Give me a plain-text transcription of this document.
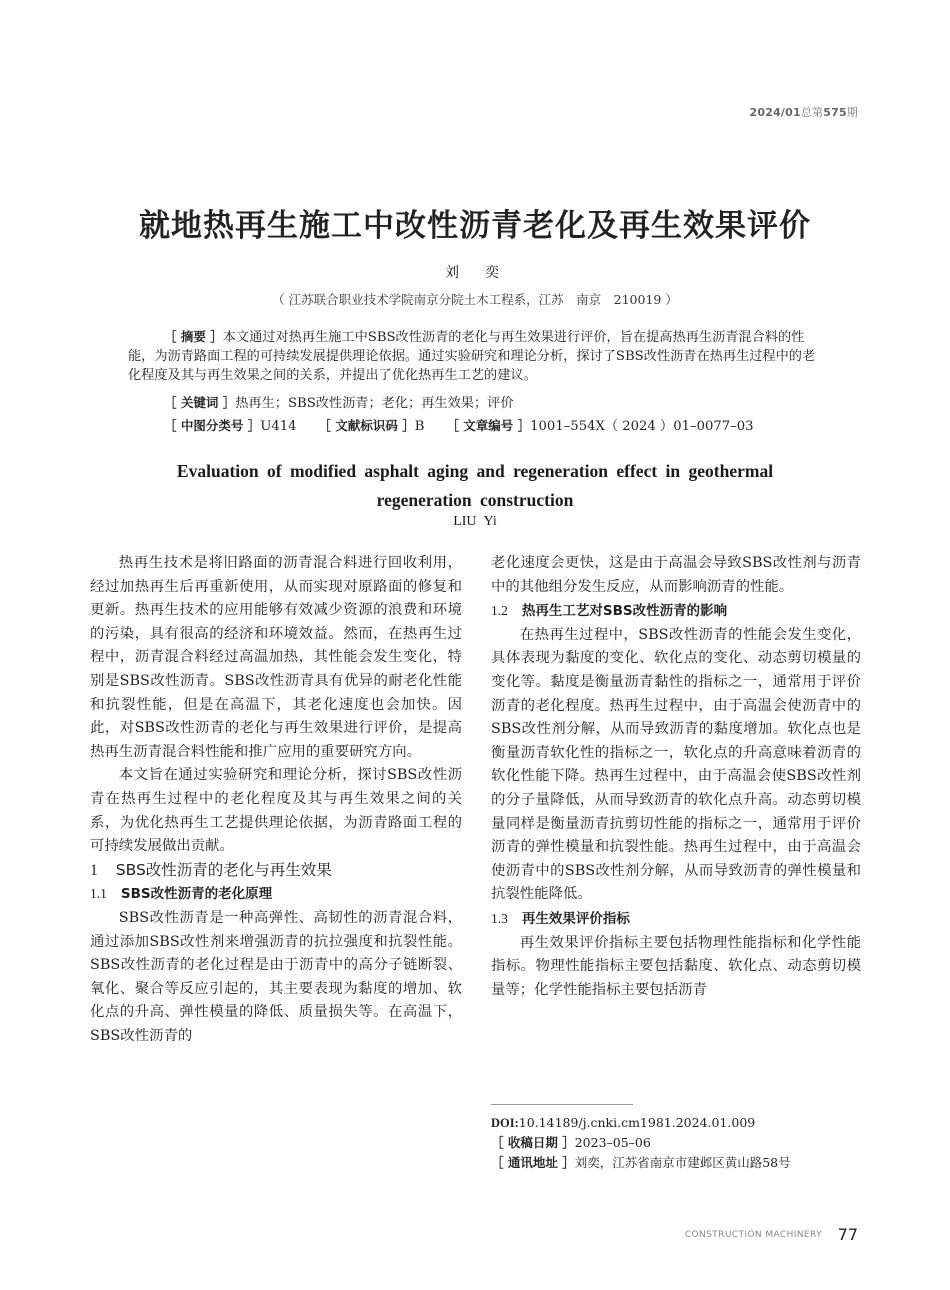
2024/01总第575期
就地热再生施工中改性沥青老化及再生效果评价
刘　奕
（ 江苏联合职业技术学院南京分院土木工程系，江苏　南京　210019 ）
［ 摘要 ］本文通过对热再生施工中SBS改性沥青的老化与再生效果进行评价，旨在提高热再生沥青混合料的性能，为沥青路面工程的可持续发展提供理论依据。通过实验研究和理论分析，探讨了SBS改性沥青在热再生过程中的老化程度及其与再生效果之间的关系，并提出了优化热再生工艺的建议。
［ 关键词 ］热再生；SBS改性沥青；老化；再生效果；评价
［ 中图分类号 ］U414 ［ 文献标识码 ］B ［ 文章编号 ］1001–554X（ 2024 ）01–0077–03
Evaluation of modified asphalt aging and regeneration effect in geothermal
regeneration construction
LIU Yi

热再生技术是将旧路面的沥青混合料进行回收利用，经过加热再生后再重新使用，从而实现对原路面的修复和更新。热再生技术的应用能够有效减少资源的浪费和环境的污染，具有很高的经济和环境效益。然而，在热再生过程中，沥青混合料经过高温加热，其性能会发生变化，特别是SBS改性沥青。SBS改性沥青具有优异的耐老化性能和抗裂性能，但是在高温下，其老化速度也会加快。因此，对SBS改性沥青的老化与再生效果进行评价，是提高热再生沥青混合料性能和推广应用的重要研究方向。

本文旨在通过实验研究和理论分析，探讨SBS改性沥青在热再生过程中的老化程度及其与再生效果之间的关系，为优化热再生工艺提供理论依据，为沥青路面工程的可持续发展做出贡献。

1 SBS改性沥青的老化与再生效果

1.1 SBS改性沥青的老化原理

SBS改性沥青是一种高弹性、高韧性的沥青混合料，通过添加SBS改性剂来增强沥青的抗拉强度和抗裂性能。SBS改性沥青的老化过程是由于沥青中的高分子链断裂、氧化、聚合等反应引起的，其主要表现为黏度的增加、软化点的升高、弹性模量的降低、质量损失等。在高温下，SBS改性沥青的

老化速度会更快，这是由于高温会导致SBS改性剂与沥青中的其他组分发生反应，从而影响沥青的性能。

1.2 热再生工艺对SBS改性沥青的影响

在热再生过程中，SBS改性沥青的性能会发生变化，具体表现为黏度的变化、软化点的变化、动态剪切模量的变化等。黏度是衡量沥青黏性的指标之一，通常用于评价沥青的老化程度。热再生过程中，由于高温会使沥青中的SBS改性剂分解，从而导致沥青的黏度增加。软化点也是衡量沥青软化性的指标之一，软化点的升高意味着沥青的软化性能下降。热再生过程中，由于高温会使SBS改性剂的分子量降低，从而导致沥青的软化点升高。动态剪切模量同样是衡量沥青抗剪切性能的指标之一，通常用于评价沥青的弹性模量和抗裂性能。热再生过程中，由于高温会使沥青中的SBS改性剂分解，从而导致沥青的弹性模量和抗裂性能降低。

1.3 再生效果评价指标

再生效果评价指标主要包括物理性能指标和化学性能指标。物理性能指标主要包括黏度、软化点、动态剪切模量等；化学性能指标主要包括沥青

DOI:10.14189/j.cnki.cm1981.2024.01.009
［ 收稿日期 ］2023–05–06
［ 通讯地址 ］刘奕，江苏省南京市建邺区黄山路58号
CONSTRUCTION MACHINERY 77
